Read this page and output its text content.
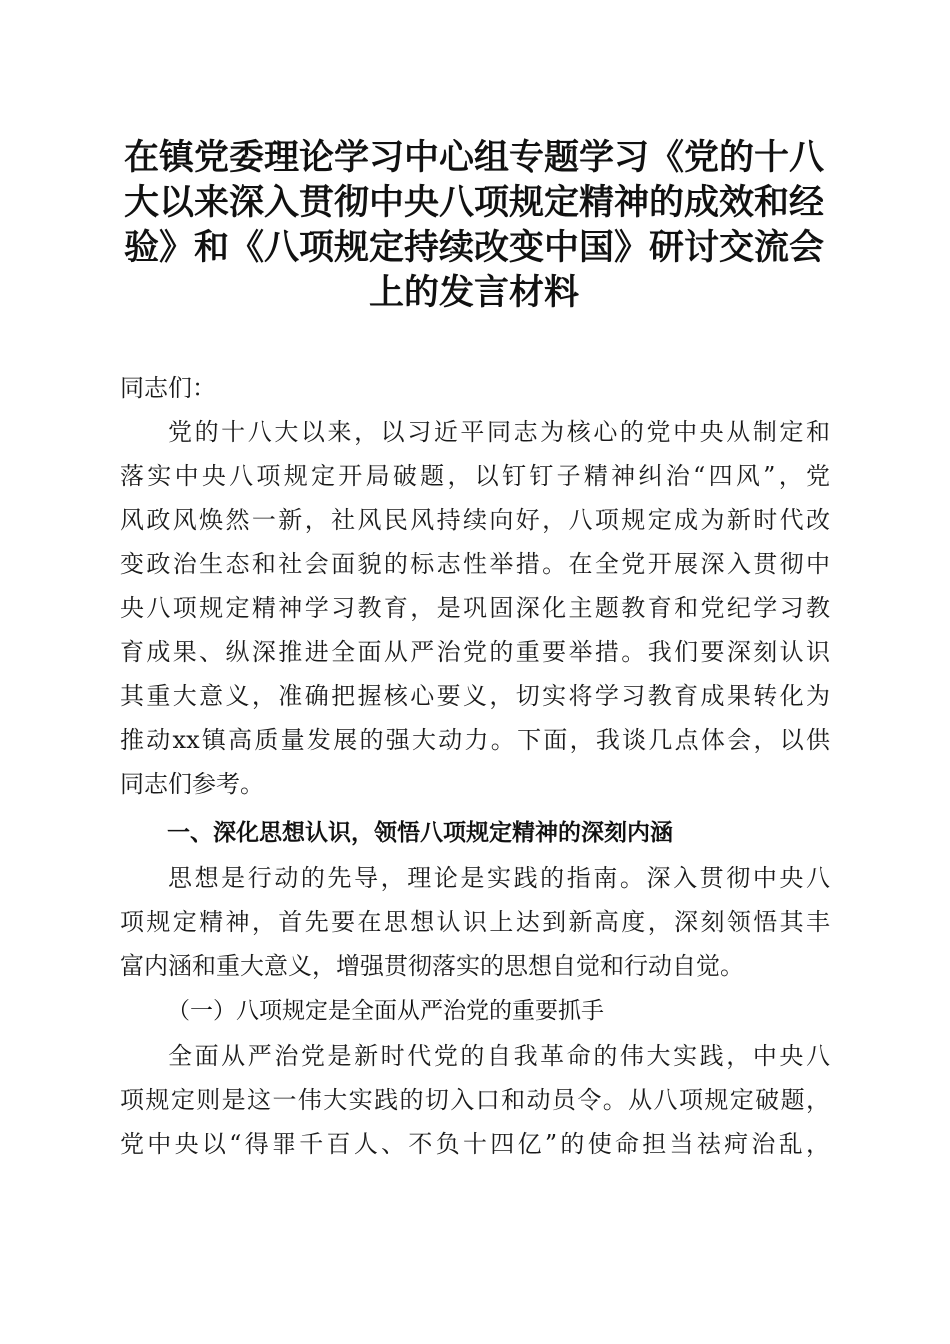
在镇党委理论学习中心组专题学习《党的十八
大以来深入贯彻中央八项规定精神的成效和经
验》和《八项规定持续改变中国》研讨交流会
上的发言材料
同志们：
党的十八大以来，以习近平同志为核心的党中央从制定和
落实中央八项规定开局破题，以钉钉子精神纠治“四风”，党
风政风焕然一新，社风民风持续向好，八项规定成为新时代改
变政治生态和社会面貌的标志性举措。在全党开展深入贯彻中
央八项规定精神学习教育，是巩固深化主题教育和党纪学习教
育成果、纵深推进全面从严治党的重要举措。我们要深刻认识
其重大意义，准确把握核心要义，切实将学习教育成果转化为
推动xx镇高质量发展的强大动力。下面，我谈几点体会，以供
同志们参考。
一、深化思想认识，领悟八项规定精神的深刻内涵
思想是行动的先导，理论是实践的指南。深入贯彻中央八
项规定精神，首先要在思想认识上达到新高度，深刻领悟其丰
富内涵和重大意义，增强贯彻落实的思想自觉和行动自觉。
（一）八项规定是全面从严治党的重要抓手
全面从严治党是新时代党的自我革命的伟大实践，中央八
项规定则是这一伟大实践的切入口和动员令。从八项规定破题，
党中央以“得罪千百人、不负十四亿”的使命担当祛疴治乱，
